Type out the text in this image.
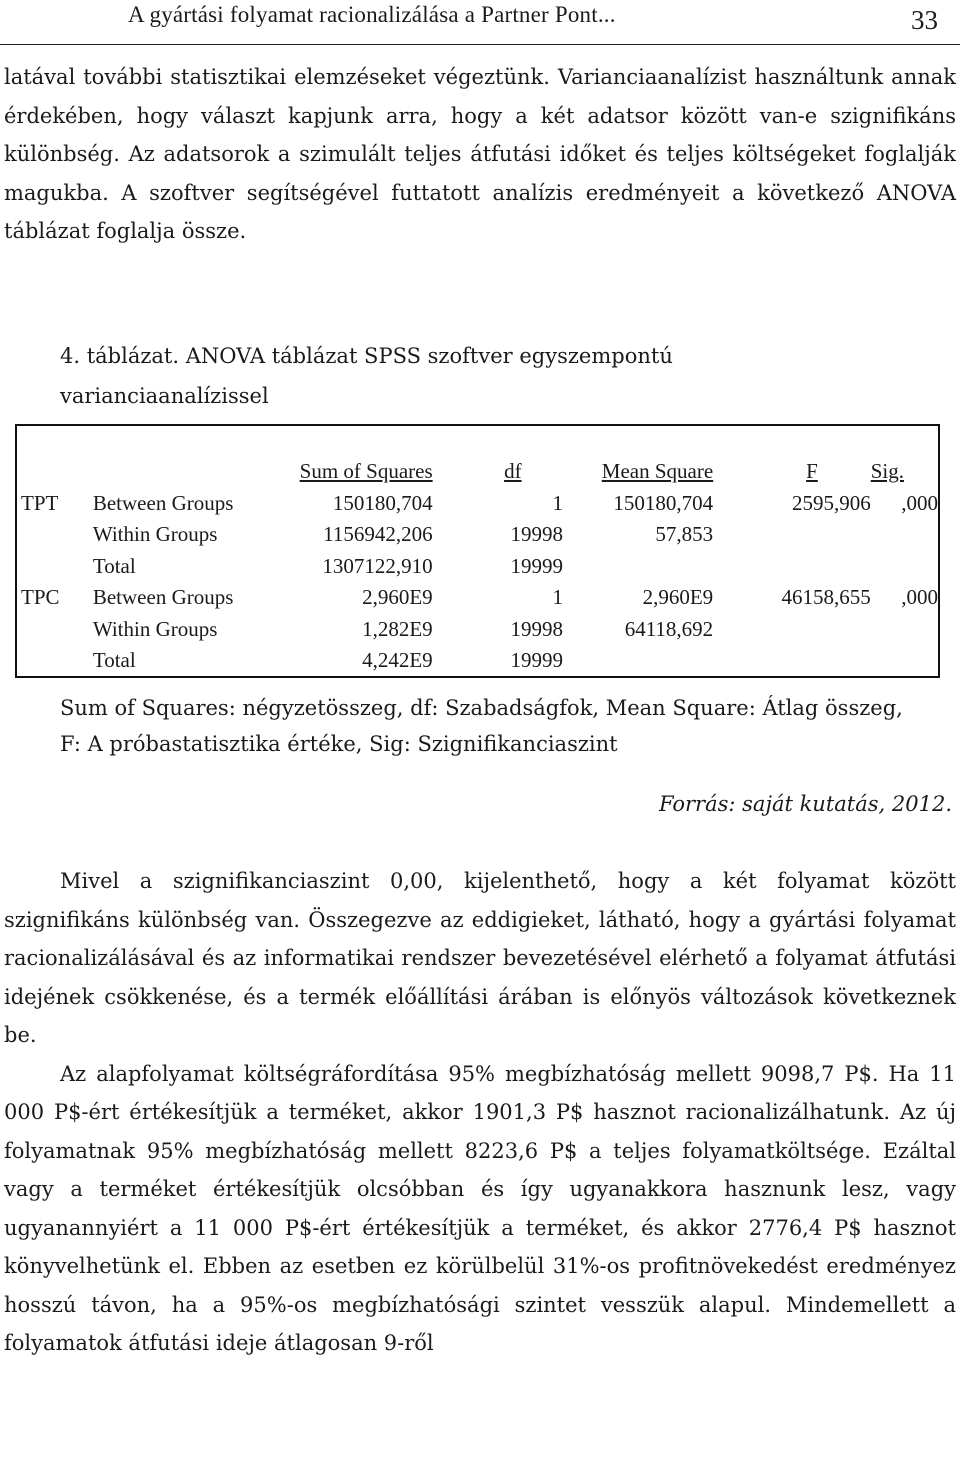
A gyártási folyamat racionalizálása a Partner Pont...	33

latával további statisztikai elemzéseket végeztünk. Varianciaanalízist használtunk annak érdekében, hogy választ kapjunk arra, hogy a két adatsor között van-e szignifikáns különbség. Az adatsorok a szimulált teljes átfutási időket és teljes költségeket foglalják magukba. A szoftver segítségével futtatott analízis eredményeit a következő ANOVA táblázat foglalja össze.

4. táblázat. ANOVA táblázat SPSS szoftver egyszempontú varianciaanalízissel
		Sum of Squares	df	Mean Square	F	Sig.
TPT	Between Groups	150180,704	1	150180,704	2595,906	,000
	Within Groups	1156942,206	19998	57,853		
	Total	1307122,910	19999			
TPC	Between Groups	2,960E9	1	2,960E9	46158,655	,000
	Within Groups	1,282E9	19998	64118,692		
	Total	4,242E9	19999			
Sum of Squares: négyzetösszeg, df: Szabadságfok, Mean Square: Átlag összeg, F: A próbastatisztika értéke, Sig: Szignifikanciaszint
Forrás: saját kutatás, 2012.

Mivel a szignifikanciaszint 0,00, kijelenthető, hogy a két folyamat között szignifikáns különbség van. Összegezve az eddigieket, látható, hogy a gyártási folyamat racionalizálásával és az informatikai rendszer bevezetésével elérhető a folyamat átfutási idejének csökkenése, és a termék előállítási árában is előnyös változások következnek be.

Az alapfolyamat költségráfordítása 95% megbízhatóság mellett 9098,7 P$. Ha 11 000 P$-ért értékesítjük a terméket, akkor 1901,3 P$ hasznot racionalizálhatunk. Az új folyamatnak 95% megbízhatóság mellett 8223,6 P$ a teljes folyamatköltsége. Ezáltal vagy a terméket értékesítjük olcsóbban és így ugyanakkora hasznunk lesz, vagy ugyanannyiért a 11 000 P$-ért értékesítjük a terméket, és akkor 2776,4 P$ hasznot könyvelhetünk el. Ebben az esetben ez körülbelül 31%-os profitnövekedést eredményez hosszú távon, ha a 95%-os megbízhatósági szintet vesszük alapul. Mindemellett a folyamatok átfutási ideje átlagosan 9-ről
